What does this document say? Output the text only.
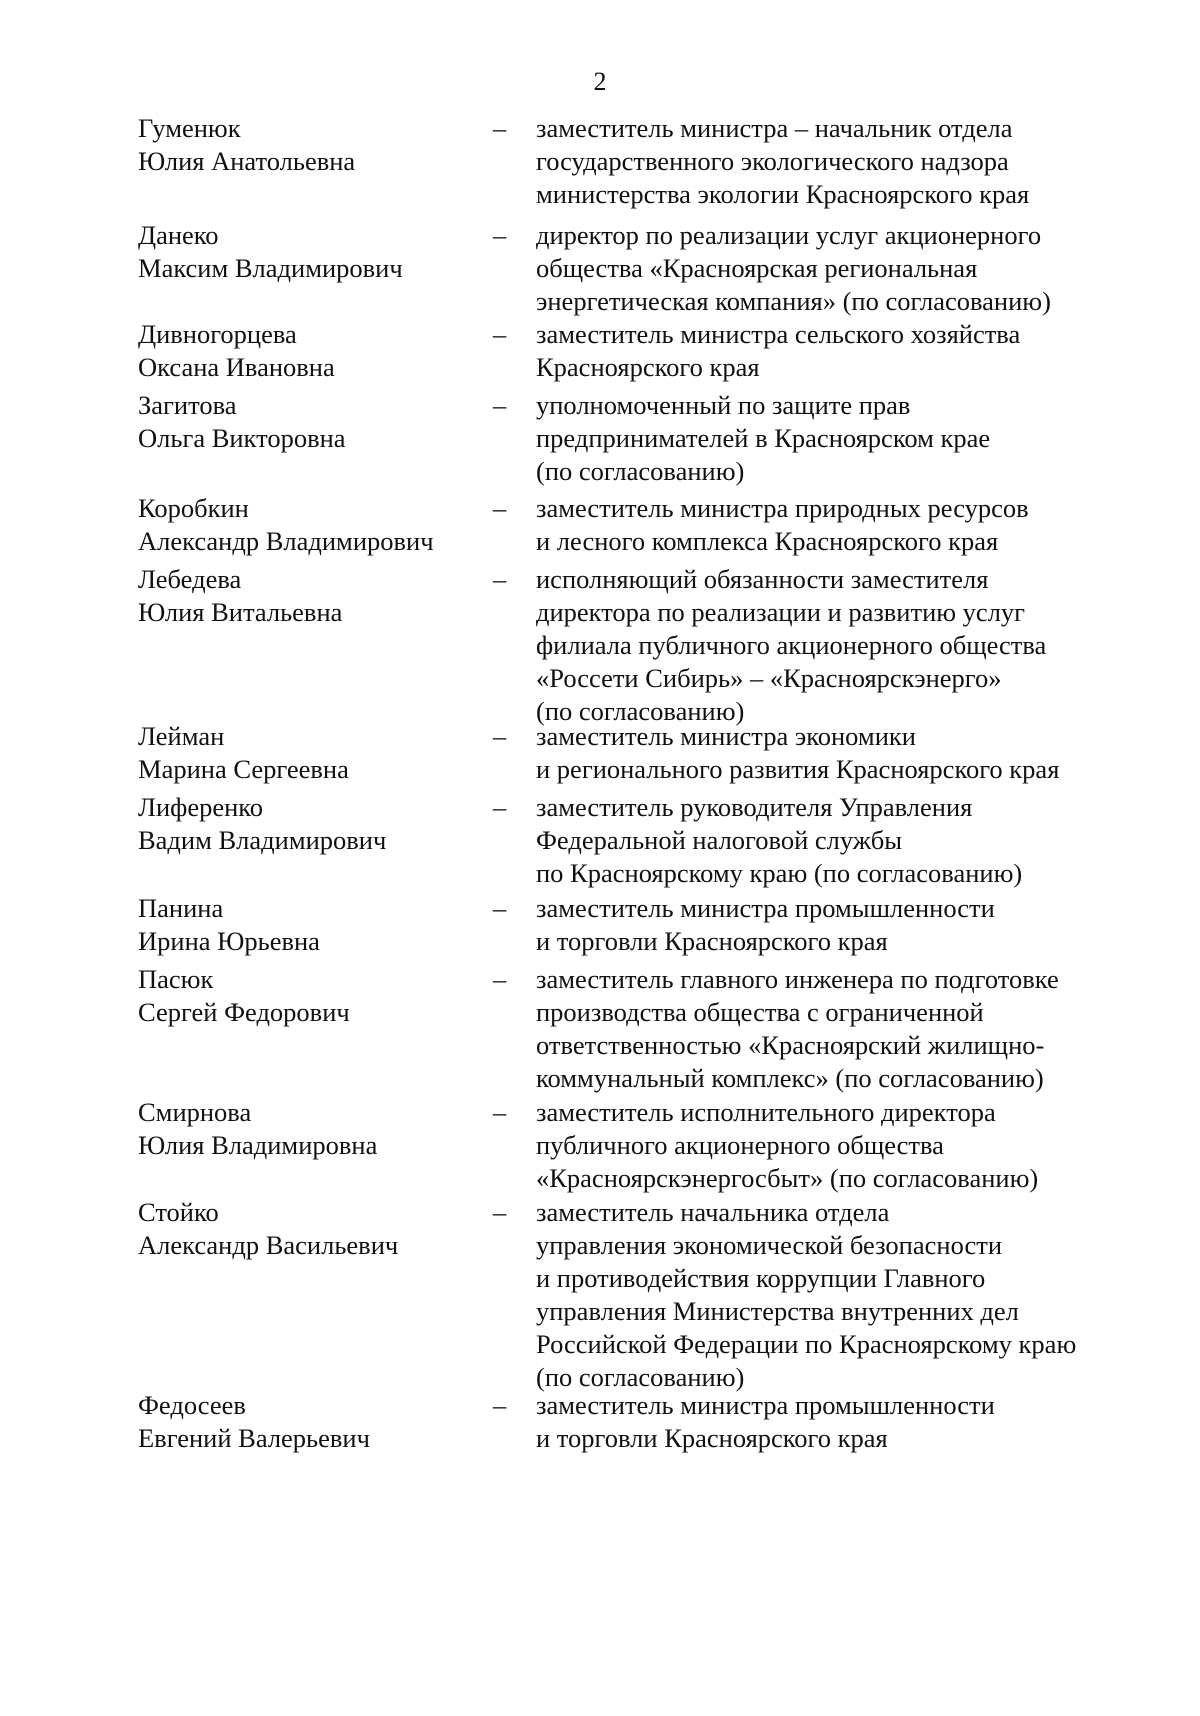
2
Гуменюк
Юлия Анатольевна
– заместитель министра – начальник отдела
государственного экологического надзора
министерства экологии Красноярского края
Данеко
Максим Владимирович
– директор по реализации услуг акционерного
общества «Красноярская региональная
энергетическая компания» (по согласованию)
Дивногорцева
Оксана Ивановна
– заместитель министра сельского хозяйства
Красноярского края
Загитова
Ольга Викторовна
– уполномоченный по защите прав
предпринимателей в Красноярском крае
(по согласованию)
Коробкин
Александр Владимирович
– заместитель министра природных ресурсов
и лесного комплекса Красноярского края
Лебедева
Юлия Витальевна
– исполняющий обязанности заместителя
директора по реализации и развитию услуг
филиала публичного акционерного общества
«Россети Сибирь» – «Красноярскэнерго»
(по согласованию)
Лейман
Марина Сергеевна
– заместитель министра экономики
и регионального развития Красноярского края
Лиференко
Вадим Владимирович
– заместитель руководителя Управления
Федеральной налоговой службы
по Красноярскому краю (по согласованию)
Панина
Ирина Юрьевна
– заместитель министра промышленности
и торговли Красноярского края
Пасюк
Сергей Федорович
– заместитель главного инженера по подготовке
производства общества с ограниченной
ответственностью «Красноярский жилищно-
коммунальный комплекс» (по согласованию)
Смирнова
Юлия Владимировна
– заместитель исполнительного директора
публичного акционерного общества
«Красноярскэнергосбыт» (по согласованию)
Стойко
Александр Васильевич
– заместитель начальника отдела
управления экономической безопасности
и противодействия коррупции Главного
управления Министерства внутренних дел
Российской Федерации по Красноярскому краю
(по согласованию)
Федосеев
Евгений Валерьевич
– заместитель министра промышленности
и торговли Красноярского края
